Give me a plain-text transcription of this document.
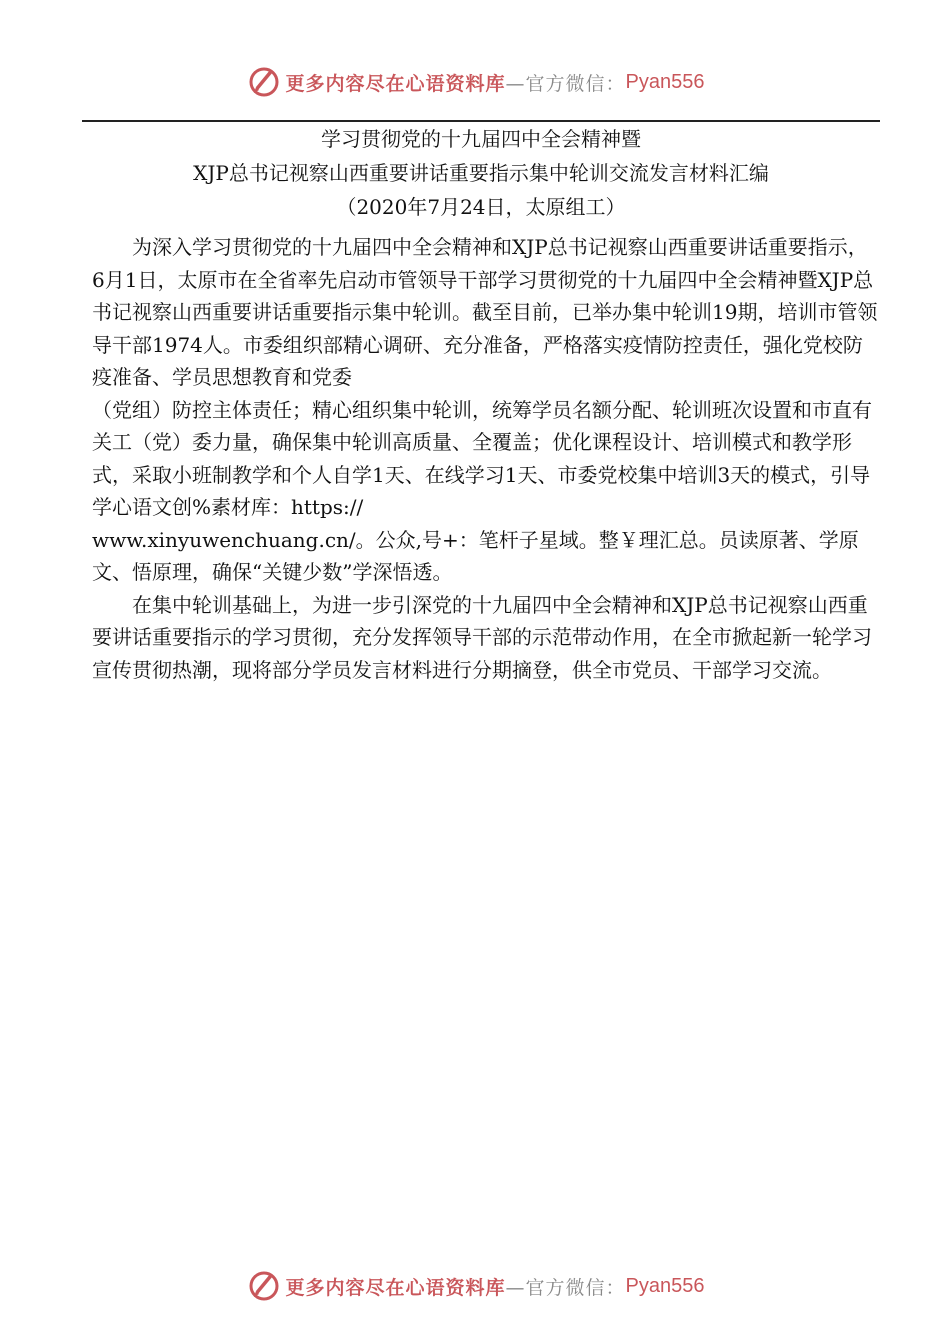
更多内容尽在心语资料库 —官方微信： Pyan556
学习贯彻党的十九届四中全会精神暨
XJP总书记视察山西重要讲话重要指示集中轮训交流发言材料汇编
（2020年7月24日，太原组工）

为深入学习贯彻党的十九届四中全会精神和XJP总书记视察山西重要讲话重要指示，6月1日，太原市在全省率先启动市管领导干部学习贯彻党的十九届四中全会精神暨XJP总书记视察山西重要讲话重要指示集中轮训。截至目前，已举办集中轮训19期，培训市管领导干部1974人。市委组织部精心调研、充分准备，严格落实疫情防控责任，强化党校防疫准备、学员思想教育和党委

（党组）防控主体责任；精心组织集中轮训，统筹学员名额分配、轮训班次设置和市直有关工（党）委力量，确保集中轮训高质量、全覆盖；优化课程设计、培训模式和教学形式，采取小班制教学和个人自学1天、在线学习1天、市委党校集中培训3天的模式，引导学心语文创%素材库：https://

www.xinyuwenchuang.cn/。公众,号+：笔杆子星域。整￥理汇总。员读原著、学原文、悟原理，确保“关键少数”学深悟透。

在集中轮训基础上，为进一步引深党的十九届四中全会精神和XJP总书记视察山西重要讲话重要指示的学习贯彻，充分发挥领导干部的示范带动作用，在全市掀起新一轮学习宣传贯彻热潮，现将部分学员发言材料进行分期摘登，供全市党员、干部学习交流。

更多内容尽在心语资料库 —官方微信： Pyan556
